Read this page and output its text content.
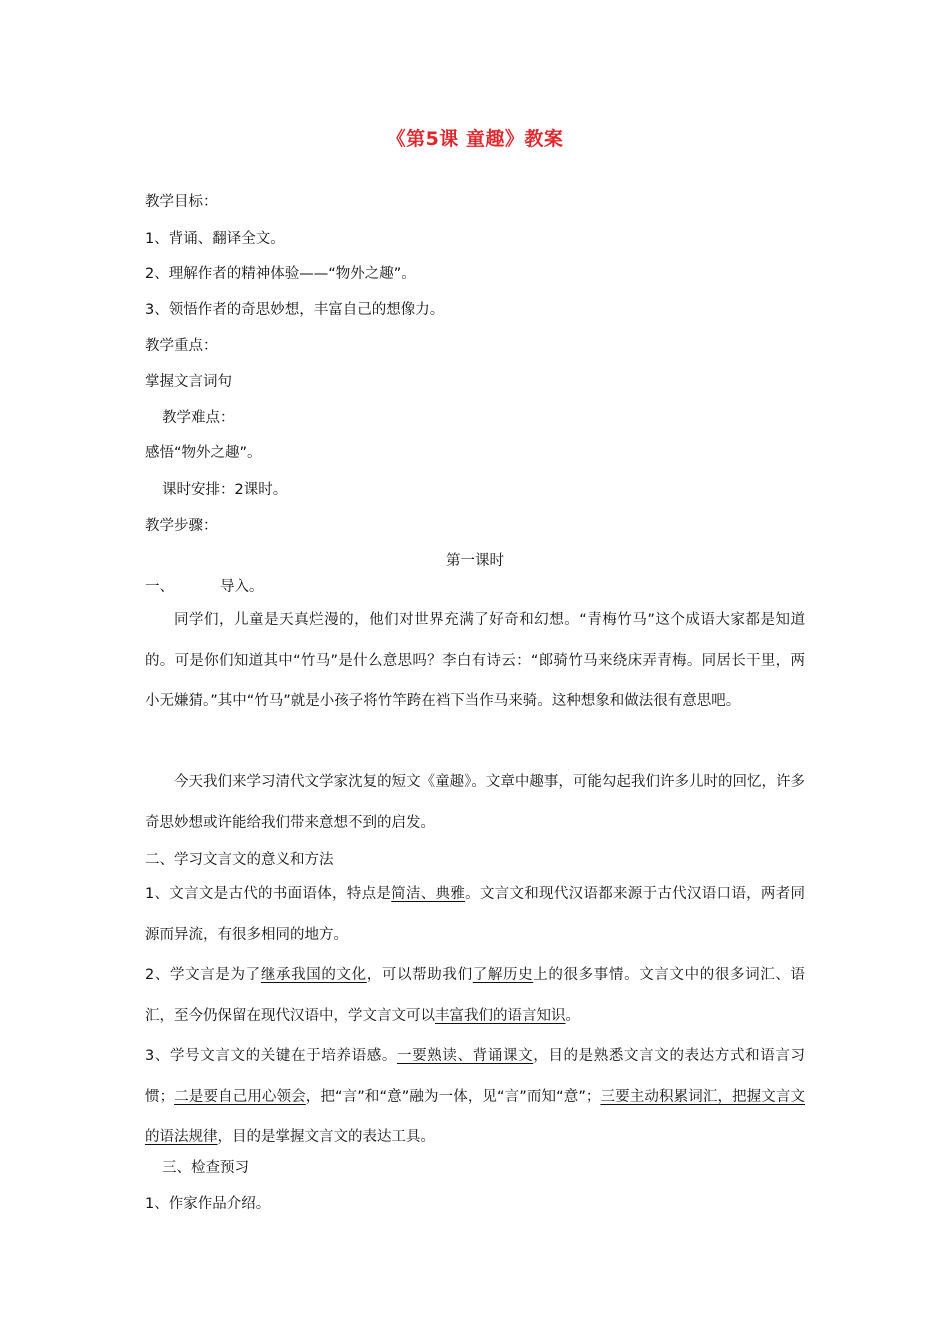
《第5课 童趣》教案
教学目标：
1、背诵、翻译全文。
2、理解作者的精神体验——“物外之趣”。
3、领悟作者的奇思妙想，丰富自己的想像力。
教学重点：
掌握文言词句
教学难点：
感悟“物外之趣”。
课时安排：2课时。
教学步骤：
第一课时
一、	导入。
同学们，儿童是天真烂漫的，他们对世界充满了好奇和幻想。“青梅竹马”这个成语大家都是知道的。可是你们知道其中“竹马”是什么意思吗？李白有诗云：“郎骑竹马来绕床弄青梅。同居长干里，两小无嫌猜。”其中“竹马”就是小孩子将竹竿跨在裆下当作马来骑。这种想象和做法很有意思吧。
今天我们来学习清代文学家沈复的短文《童趣》。文章中趣事，可能勾起我们许多儿时的回忆，许多奇思妙想或许能给我们带来意想不到的启发。
二、学习文言文的意义和方法
1、文言文是古代的书面语体，特点是简洁、典雅。文言文和现代汉语都来源于古代汉语口语，两者同源而异流，有很多相同的地方。
2、学文言是为了继承我国的文化，可以帮助我们了解历史上的很多事情。文言文中的很多词汇、语汇，至今仍保留在现代汉语中，学文言文可以丰富我们的语言知识。
3、学号文言文的关键在于培养语感。一要熟读、背诵课文，目的是熟悉文言文的表达方式和语言习惯；二是要自己用心领会，把“言”和“意”融为一体，见“言”而知“意”；三要主动积累词汇，把握文言文的语法规律，目的是掌握文言文的表达工具。
三、检查预习
1、作家作品介绍。
